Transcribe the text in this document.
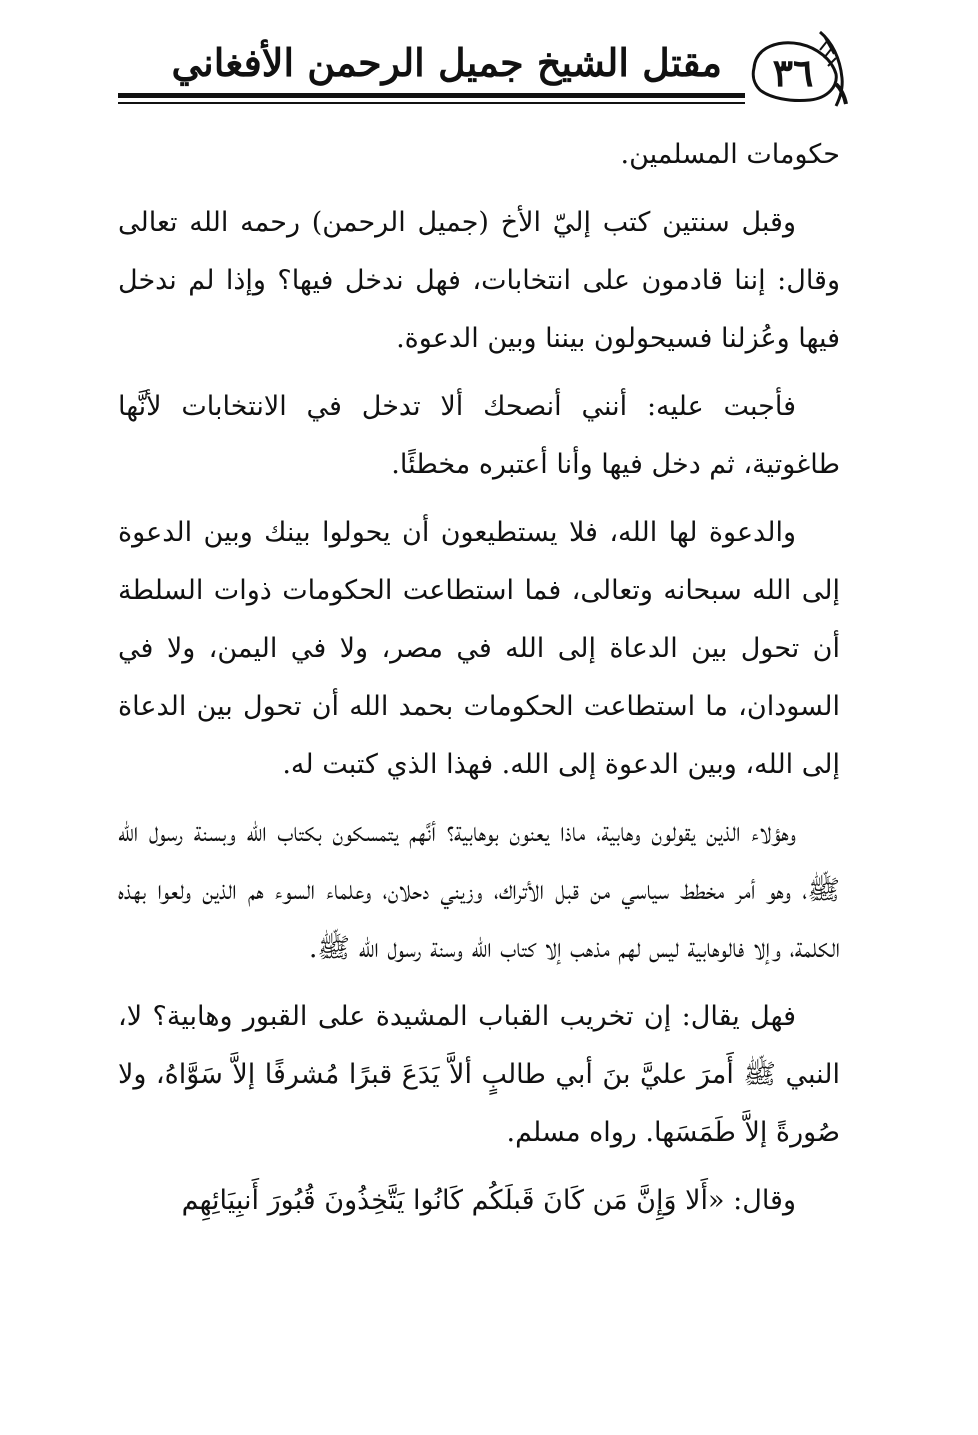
مقتل الشيخ جميل الرحمن الأفغاني	٣٦

حكومات المسلمين.

وقبل سنتين كتب إليّ الأخ (جميل الرحمن) رحمه الله تعالى وقال: إننا قادمون على انتخابات، فهل ندخل فيها؟ وإذا لم ندخل فيها وعُزلنا فسيحولون بيننا وبين الدعوة.

فأجبت عليه: أنني أنصحك ألا تدخل في الانتخابات لأنَّها طاغوتية، ثم دخل فيها وأنا أعتبره مخطئًا.

والدعوة لها الله، فلا يستطيعون أن يحولوا بينك وبين الدعوة إلى الله سبحانه وتعالى، فما استطاعت الحكومات ذوات السلطة أن تحول بين الدعاة إلى الله في مصر، ولا في اليمن، ولا في السودان، ما استطاعت الحكومات بحمد الله أن تحول بين الدعاة إلى الله، وبين الدعوة إلى الله. فهذا الذي كتبت له.

وهؤلاء الذين يقولون وهابية، ماذا يعنون بوهابية؟ أنَّهم يتمسكون بكتاب الله وبسنة رسول الله ﷺ، وهو أمر مخطط سياسي من قبل الأتراك، وزيني دحلان، وعلماء السوء هم الذين ولعوا بهذه الكلمة، وإلا فالوهابية ليس لهم مذهب إلا كتاب الله وسنة رسول الله ﷺ.

فهل يقال: إن تخريب القباب المشيدة على القبور وهابية؟ لا، النبي ﷺ أَمرَ عليَّ بنَ أبي طالبٍ ألاَّ يَدَعَ قبرًا مُشرفًا إلاَّ سَوَّاهُ، ولا صُورةً إلاَّ طَمَسَها. رواه مسلم.

وقال: «أَلا وَإِنَّ مَن كَانَ قَبلَكُم كَانُوا يَتَّخِذُونَ قُبُورَ أَنبِيَائِهِم
